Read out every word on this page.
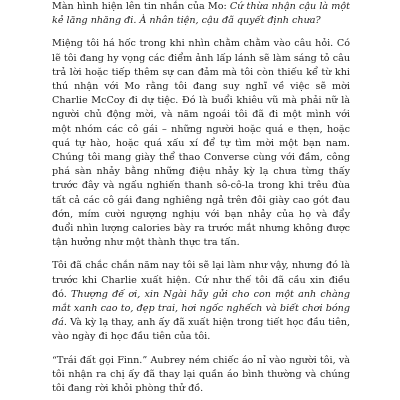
Màn hình hiện lên tin nhắn của Mo: Cứ thừa nhận cậu là một kẻ lăng nhăng đi. À nhân tiện, cậu đã quyết định chưa?

Miệng tôi há hốc trong khi nhìn chằm chằm vào câu hỏi. Có lẽ tôi đang hy vọng các điểm ảnh lấp lánh sẽ làm sáng tỏ câu trả lời hoặc tiếp thêm sự can đảm mà tôi còn thiếu kể từ khi thú nhận với Mo rằng tôi đang suy nghĩ về việc sẽ mời Charlie McCoy đi dự tiệc. Đó là buổi khiêu vũ mà phải nữ là người chủ động mời, và năm ngoái tôi đã đi một mình với một nhóm các cô gái – những người hoặc quá e thẹn, hoặc quá tự hào, hoặc quá xấu xí để tự tìm mời một bạn nam. Chúng tôi mang giày thể thao Converse cùng với đầm, công phá sàn nhảy bằng những điệu nhảy kỳ lạ chưa từng thấy trước đây và ngấu nghiến thanh sô-cô-la trong khi trêu đùa tất cả các cô gái đang nghiêng ngả trên đôi giày cao gót đau đớn, mím cười ngượng nghịu với bạn nhảy của họ và đẩy đuổi nhìn lượng calories bày ra trước mắt nhưng không được tận hưởng như một thành thực tra tấn.

Tôi đã chắc chắn năm nay tôi sẽ lại làm như vậy, nhưng đó là trước khi Charlie xuất hiện. Cứ như thế tôi đã cầu xin điều đó. Thượng đế ơi, xin Ngài hãy gửi cho con một anh chàng mắt xanh cao to, đẹp trai, hơi ngốc nghếch và biết chơi bóng đá. Và kỳ lạ thay, anh ấy đã xuất hiện trong tiết học đầu tiên, vào ngày đi học đầu tiên của tôi.

“Trái đất gọi Finn.” Aubrey ném chiếc áo nỉ vào người tôi, và tôi nhận ra chị ấy đã thay lại quần áo bình thường và chúng tôi đang rời khỏi phòng thử đồ.
